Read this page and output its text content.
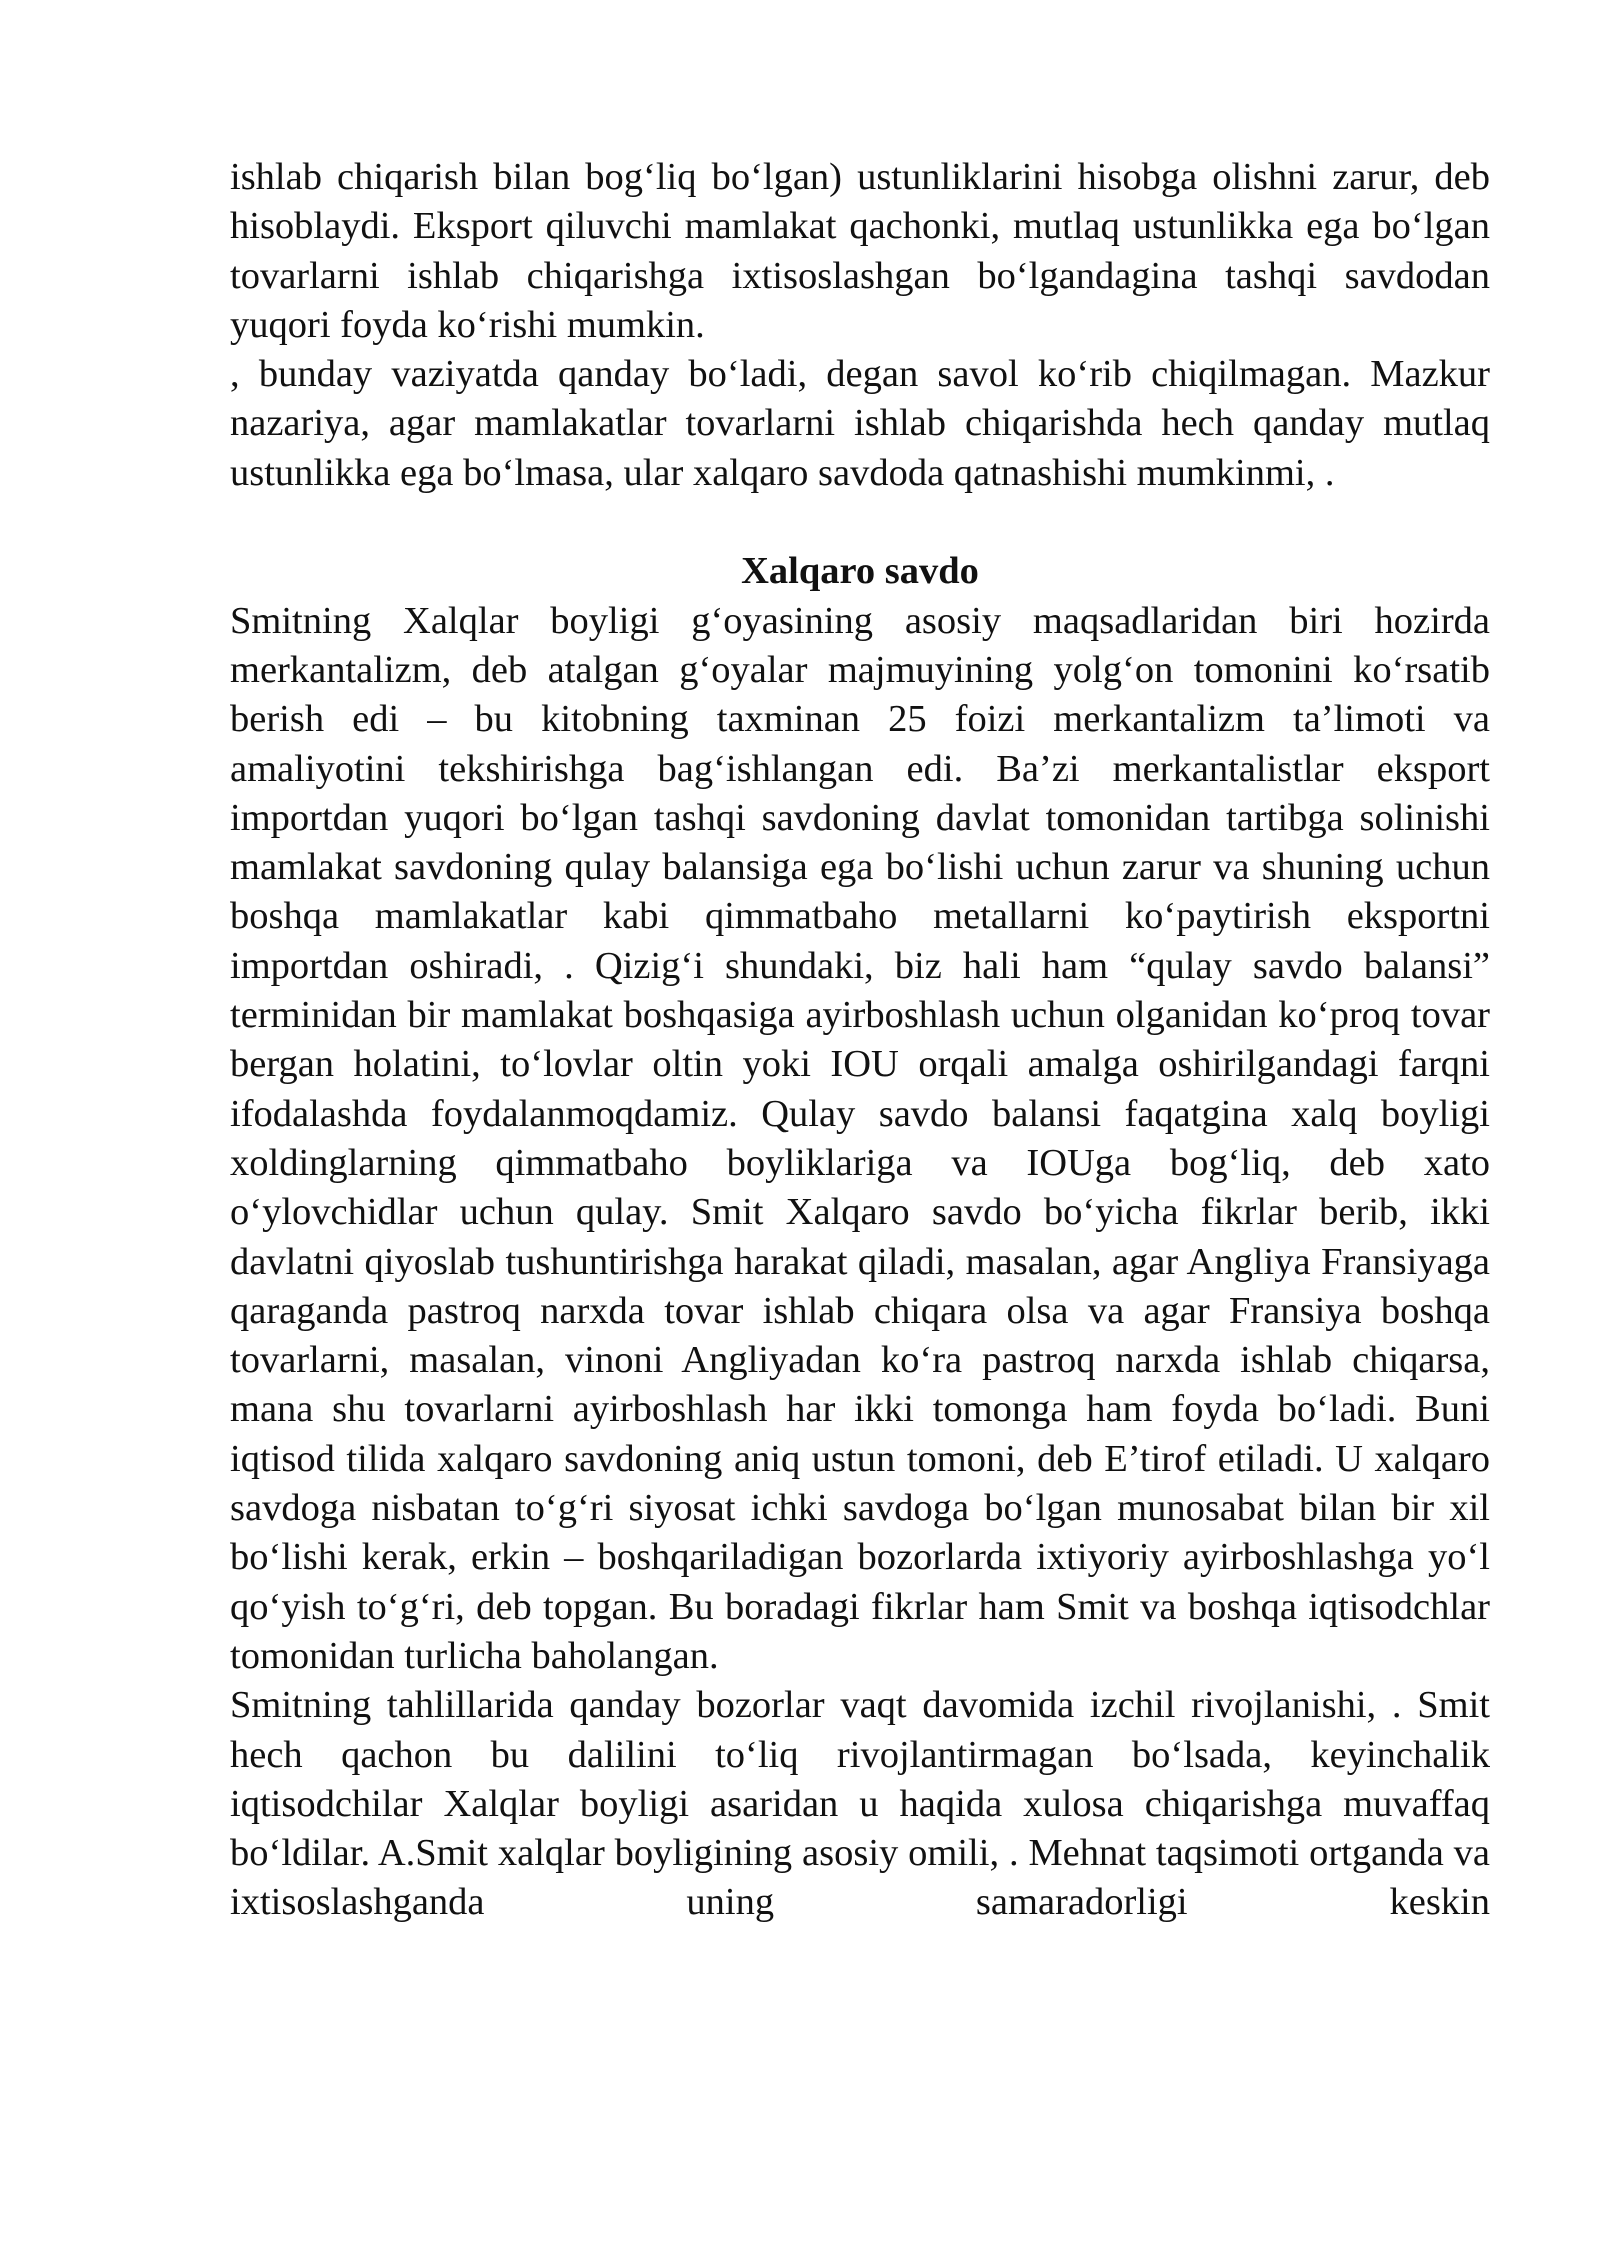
ishlab chiqarish bilan bog‘liq bo‘lgan) ustunliklarini hisobga olishni zarur, deb hisoblaydi. Eksport qiluvchi mamlakat qachonki, mutlaq ustunlikka ega bo‘lgan tovarlarni ishlab chiqarishga ixtisoslashgan bo‘lgandagina tashqi savdodan yuqori foyda ko‘rishi mumkin.

, bunday vaziyatda qanday bo‘ladi, degan savol ko‘rib chiqilmagan. Mazkur nazariya, agar mamlakatlar tovarlarni ishlab chiqarishda hech qanday mutlaq ustunlikka ega bo‘lmasa, ular xalqaro savdoda qatnashishi mumkinmi, .

Xalqaro savdo

Smitning Xalqlar boyligi g‘oyasining asosiy maqsadlaridan biri hozirda merkantalizm, deb atalgan g‘oyalar majmuyining yolg‘on tomonini ko‘rsatib berish edi – bu kitobning taxminan 25 foizi merkantalizm ta’limoti va amaliyotini tekshirishga bag‘ishlangan edi. Ba’zi merkantalistlar eksport importdan yuqori bo‘lgan tashqi savdoning davlat tomonidan tartibga solinishi mamlakat savdoning qulay balansiga ega bo‘lishi uchun zarur va shuning uchun boshqa mamlakatlar kabi qimmatbaho metallarni ko‘paytirish eksportni importdan oshiradi, . Qizig‘i shundaki, biz hali ham “qulay savdo balansi” terminidan bir mamlakat boshqasiga ayirboshlash uchun olganidan ko‘proq tovar bergan holatini, to‘lovlar oltin yoki IOU orqali amalga oshirilgandagi farqni ifodalashda foydalanmoqdamiz. Qulay savdo balansi faqatgina xalq boyligi xoldinglarning qimmatbaho boyliklariga va IOUga bog‘liq, deb xato o‘ylovchidlar uchun qulay. Smit Xalqaro savdo bo‘yicha fikrlar berib, ikki davlatni qiyoslab tushuntirishga harakat qiladi, masalan, agar Angliya Fransiyaga qaraganda pastroq narxda tovar ishlab chiqara olsa va agar Fransiya boshqa tovarlarni, masalan, vinoni Angliyadan ko‘ra pastroq narxda ishlab chiqarsa, mana shu tovarlarni ayirboshlash har ikki tomonga ham foyda bo‘ladi. Buni iqtisod tilida xalqaro savdoning aniq ustun tomoni, deb E’tirof etiladi. U xalqaro savdoga nisbatan to‘g‘ri siyosat ichki savdoga bo‘lgan munosabat bilan bir xil bo‘lishi kerak, erkin – boshqariladigan bozorlarda ixtiyoriy ayirboshlashga yo‘l qo‘yish to‘g‘ri, deb topgan. Bu boradagi fikrlar ham Smit va boshqa iqtisodchlar tomonidan turlicha baholangan.

Smitning tahlillarida qanday bozorlar vaqt davomida izchil rivojlanishi, . Smit hech qachon bu dalilini to‘liq rivojlantirmagan bo‘lsada, keyinchalik iqtisodchilar Xalqlar boyligi asaridan u haqida xulosa chiqarishga muvaffaq bo‘ldilar. A.Smit xalqlar boyligining asosiy omili, . Mehnat taqsimoti ortganda va ixtisoslashganda uning samaradorligi keskin
